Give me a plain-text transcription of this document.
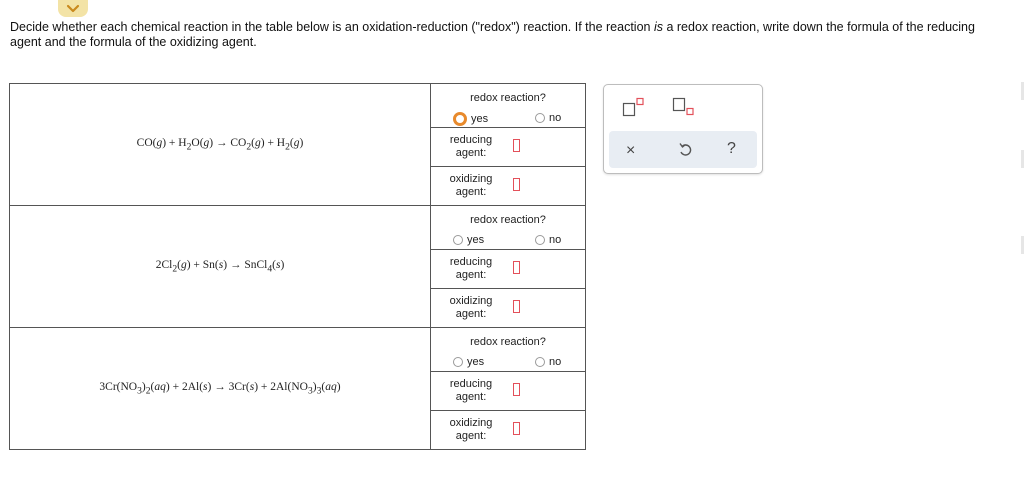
Decide whether each chemical reaction in the table below is an oxidation-reduction ("redox") reaction. If the reaction is a redox reaction, write down the formula of the reducing agent and the formula of the oxidizing agent.
$CO(g) + H_2O(g) \to CO_2(g) + H_2(g)$	redox reaction?
yes no
reducing agent:
oxidizing agent:

$2Cl_2(g) + Sn(s)$ → SnCl$_4$(s)	redox reaction?
yes no
reducing agent:
oxidizing agent:

$3Cr(NO_3)_2(aq) + 2Al(s) \to 3Cr(s) + 2Al(NO_3)_3(aq)$	redox reaction?
yes no
reducing agent:
oxidizing agent:
×	?
